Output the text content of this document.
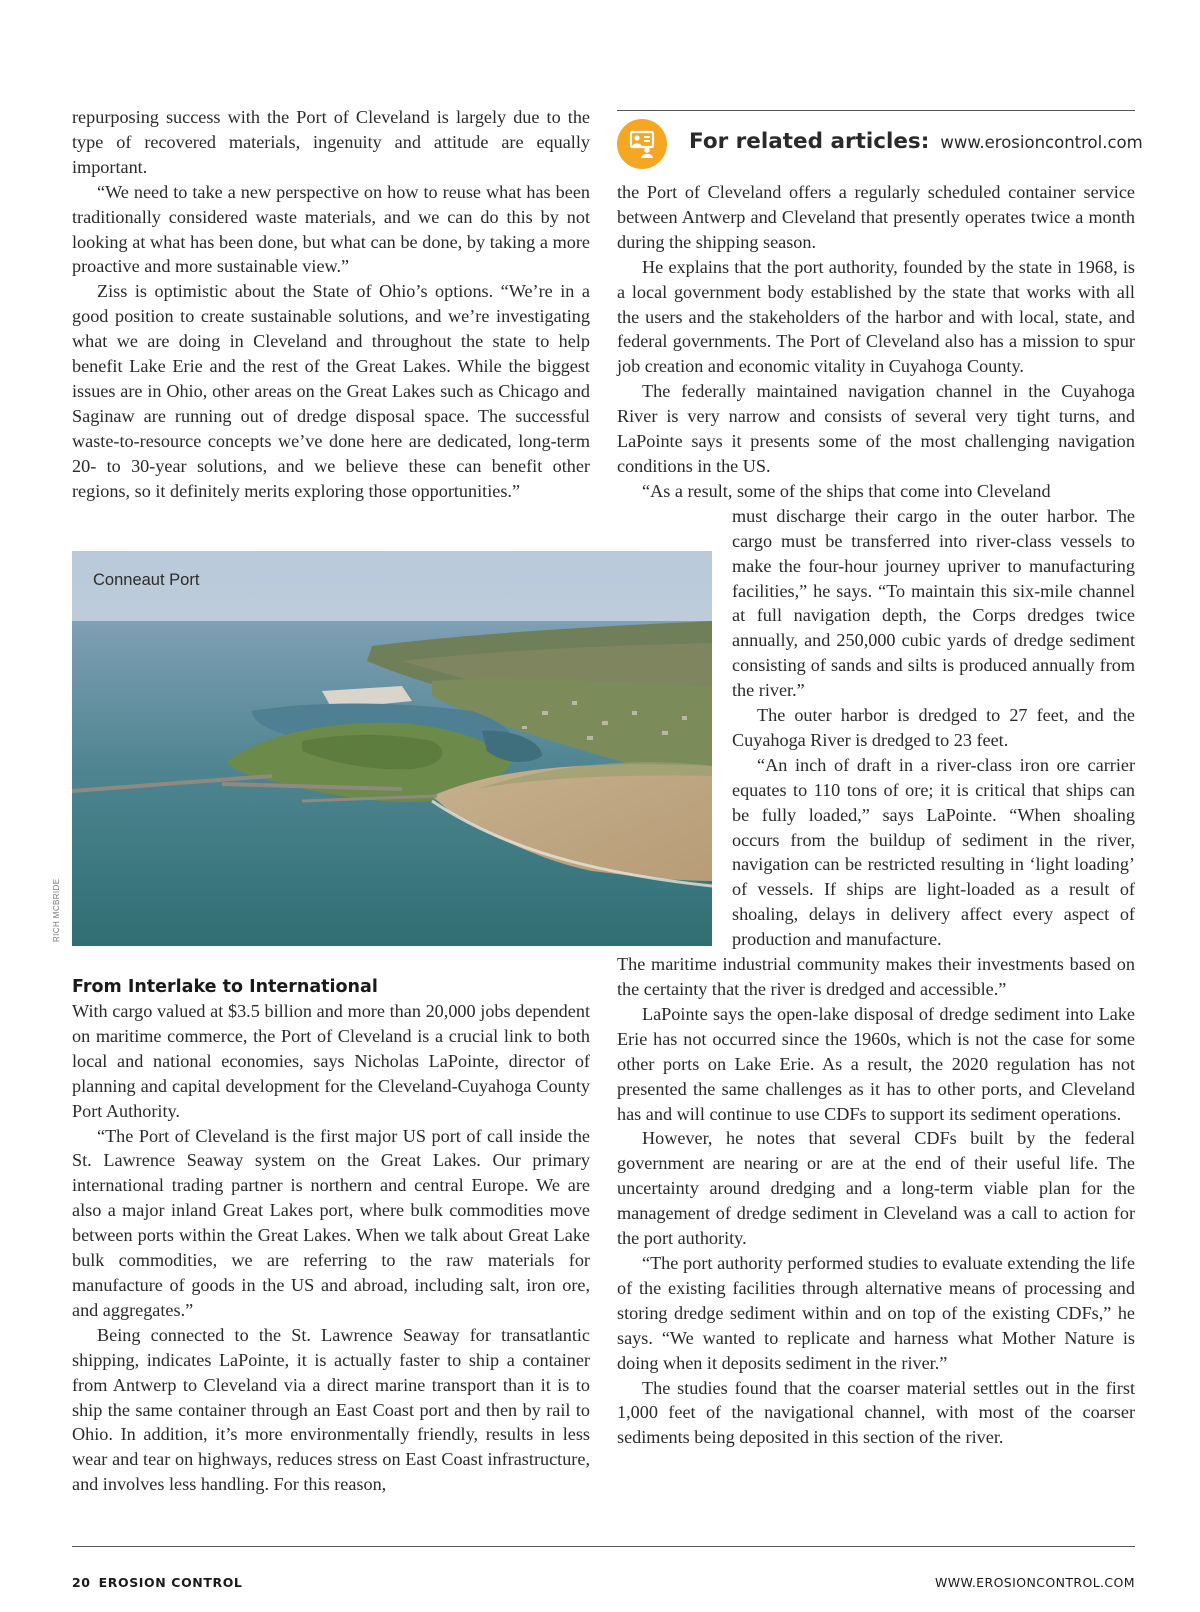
repurposing success with the Port of Cleveland is largely due to the type of recovered materials, ingenuity and attitude are equally important.

“We need to take a new perspective on how to reuse what has been traditionally considered waste materials, and we can do this by not looking at what has been done, but what can be done, by taking a more proactive and more sustainable view.”

Ziss is optimistic about the State of Ohio’s options. “We’re in a good position to create sustainable solutions, and we’re investigating what we are doing in Cleveland and throughout the state to help benefit Lake Erie and the rest of the Great Lakes. While the biggest issues are in Ohio, other areas on the Great Lakes such as Chicago and Saginaw are running out of dredge disposal space. The successful waste-to-resource concepts we’ve done here are dedicated, long-term 20- to 30-year solutions, and we believe these can benefit other regions, so it definitely merits exploring those opportunities.”

Conneaut Port
RICH MCBRIDE
From Interlake to International

With cargo valued at $3.5 billion and more than 20,000 jobs dependent on maritime commerce, the Port of Cleveland is a crucial link to both local and national economies, says Nicholas LaPointe, director of planning and capital development for the Cleveland-Cuyahoga County Port Authority.

“The Port of Cleveland is the first major US port of call inside the St. Lawrence Seaway system on the Great Lakes. Our primary international trading partner is northern and central Europe. We are also a major inland Great Lakes port, where bulk commodities move between ports within the Great Lakes. When we talk about Great Lake bulk commodities, we are referring to the raw materials for manufacture of goods in the US and abroad, including salt, iron ore, and aggregates.”

Being connected to the St. Lawrence Seaway for transatlantic shipping, indicates LaPointe, it is actually faster to ship a container from Antwerp to Cleveland via a direct marine transport than it is to ship the same container through an East Coast port and then by rail to Ohio. In addition, it’s more environmentally friendly, results in less wear and tear on highways, reduces stress on East Coast infrastructure, and involves less handling. For this reason,

For related articles: www.erosioncontrol.com

the Port of Cleveland offers a regularly scheduled container service between Antwerp and Cleveland that presently operates twice a month during the shipping season.

He explains that the port authority, founded by the state in 1968, is a local government body established by the state that works with all the users and the stakeholders of the harbor and with local, state, and federal governments. The Port of Cleveland also has a mission to spur job creation and economic vitality in Cuyahoga County.

The federally maintained navigation channel in the Cuyahoga River is very narrow and consists of several very tight turns, and LaPointe says it presents some of the most challenging navigation conditions in the US.

“As a result, some of the ships that come into Cleveland

must discharge their cargo in the outer harbor. The cargo must be transferred into river-class vessels to make the four-hour journey upriver to manufacturing facilities,” he says. “To maintain this six-mile channel at full navigation depth, the Corps dredges twice annually, and 250,000 cubic yards of dredge sediment consisting of sands and silts is produced annually from the river.”

The outer harbor is dredged to 27 feet, and the Cuyahoga River is dredged to 23 feet.

“An inch of draft in a river-class iron ore carrier equates to 110 tons of ore; it is critical that ships can be fully loaded,” says LaPointe. “When shoaling occurs from the buildup of sediment in the river, navigation can be restricted resulting in ‘light loading’ of vessels. If ships are light-loaded as a result of shoaling, delays in delivery affect every aspect of production and manufacture.

The maritime industrial community makes their investments based on the certainty that the river is dredged and accessible.”

LaPointe says the open-lake disposal of dredge sediment into Lake Erie has not occurred since the 1960s, which is not the case for some other ports on Lake Erie. As a result, the 2020 regulation has not presented the same challenges as it has to other ports, and Cleveland has and will continue to use CDFs to support its sediment operations.

However, he notes that several CDFs built by the federal government are nearing or are at the end of their useful life. The uncertainty around dredging and a long-term viable plan for the management of dredge sediment in Cleveland was a call to action for the port authority.

“The port authority performed studies to evaluate extending the life of the existing facilities through alternative means of processing and storing dredge sediment within and on top of the existing CDFs,” he says. “We wanted to replicate and harness what Mother Nature is doing when it deposits sediment in the river.”

The studies found that the coarser material settles out in the first 1,000 feet of the navigational channel, with most of the coarser sediments being deposited in this section of the river.

20 EROSION CONTROL	WWW.EROSIONCONTROL.COM
